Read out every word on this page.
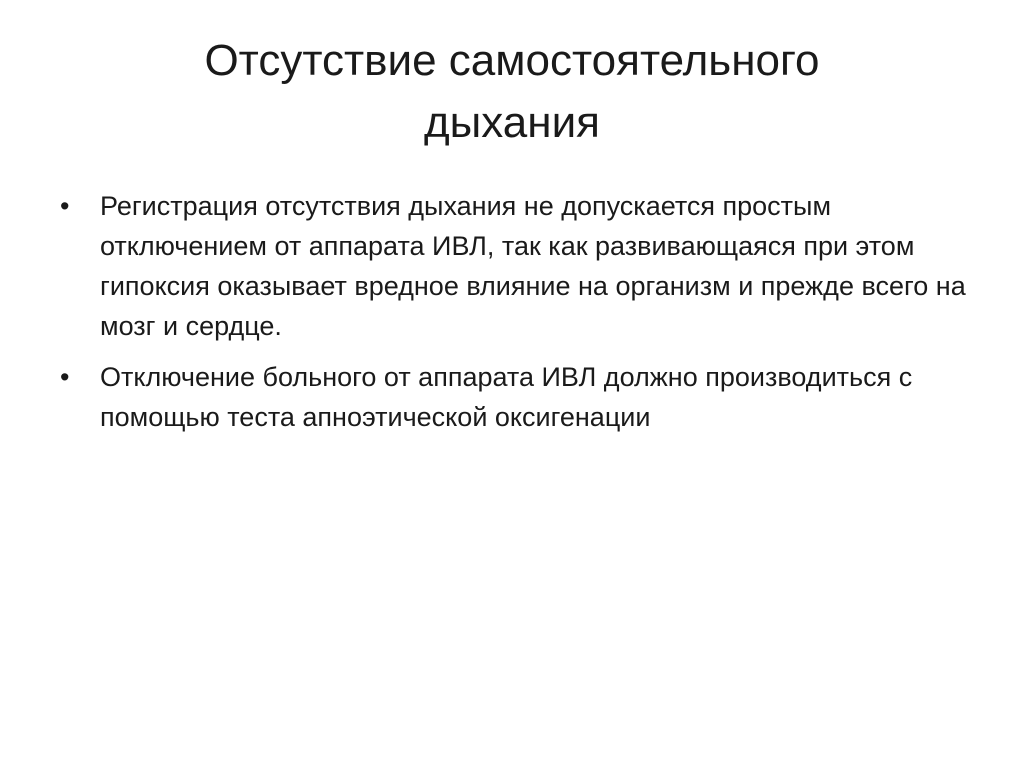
Отсутствие самостоятельного дыхания
•	Регистрация отсутствия дыхания не допускается простым отключением от аппарата ИВЛ, так как развивающаяся при этом гипоксия оказывает вредное влияние на организм и прежде всего на мозг и сердце.
•	Отключение больного от аппарата ИВЛ должно производиться с помощью теста апноэтической оксигенации
